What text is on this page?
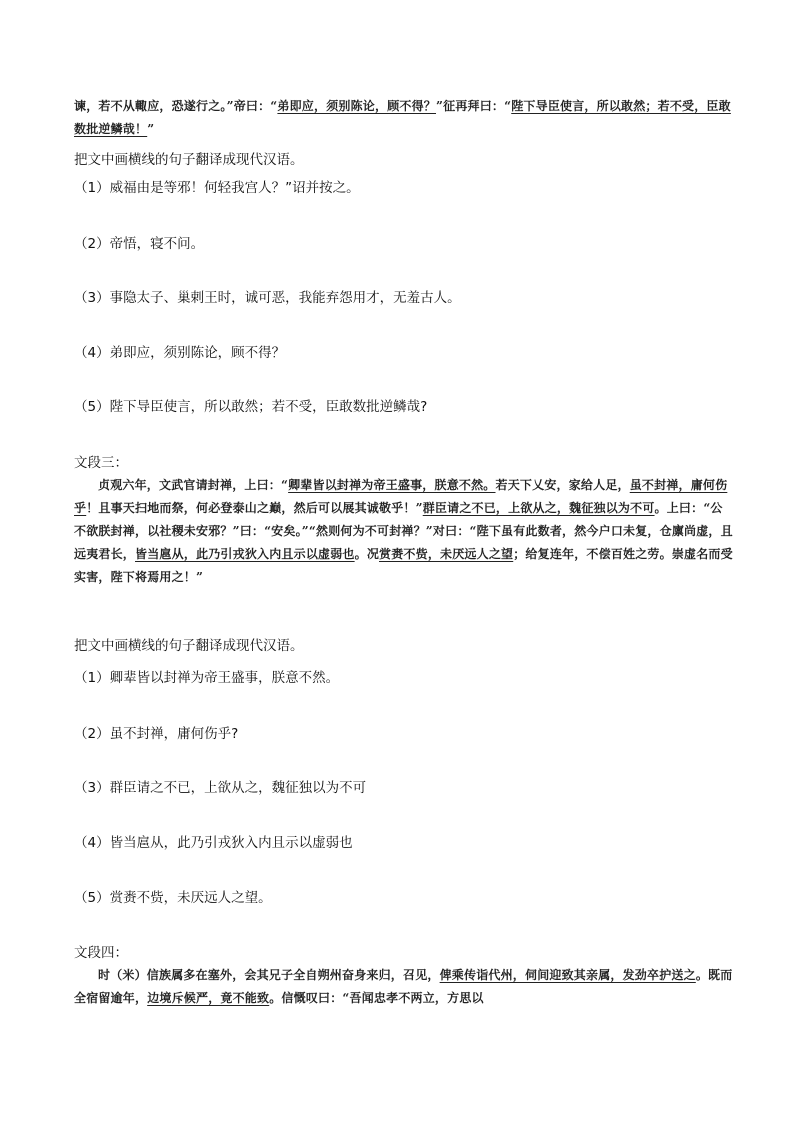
谏，若不从輙应，恐遂行之。”帝曰：“弟即应，须别陈论，顾不得？”征再拜曰：“陛下导臣使言，所以敢然；若不受，臣敢数批逆鳞哉！”
把文中画横线的句子翻译成现代汉语。
（1）威福由是等邪！何轻我宫人？”诏并按之。
（2）帝悟，寝不问。
（3）事隐太子、巢剌王时，诚可恶，我能弃怨用才，无羞古人。
（4）弟即应，须别陈论，顾不得？
（5）陛下导臣使言，所以敢然；若不受，臣敢数批逆鳞哉?
文段三：
贞观六年，文武官请封禅，上曰：“卿辈皆以封禅为帝王盛事，朕意不然。若天下乂安，家给人足，虽不封禅，庸何伤乎！且事天扫地而祭，何必登泰山之巅，然后可以展其诚敬乎！”群臣请之不已，上欲从之，魏征独以为不可。上曰：“公不欲朕封禅，以社稷未安邪？”曰：“安矣。”“然则何为不可封禅？”对曰：“陛下虽有此数者，然今户口未复，仓廪尚虚，且远夷君长，皆当扈从，此乃引戎狄入内且示以虚弱也。况赏赉不赀，未厌远人之望；给复连年，不偿百姓之劳。崇虚名而受实害，陛下将焉用之！”
把文中画横线的句子翻译成现代汉语。
（1）卿辈皆以封禅为帝王盛事，朕意不然。
（2）虽不封禅，庸何伤乎?
（3）群臣请之不已，上欲从之，魏征独以为不可
（4）皆当扈从，此乃引戎狄入内且示以虚弱也
（5）赏赉不赀，未厌远人之望。
文段四：
时（米）信族属多在塞外，会其兄子全自朔州奋身来归，召见，俾乘传诣代州，伺间迎致其亲属，发劲卒护送之。既而全宿留逾年，边境斥候严，竟不能致。信慨叹曰：“吾闻忠孝不两立，方思以
